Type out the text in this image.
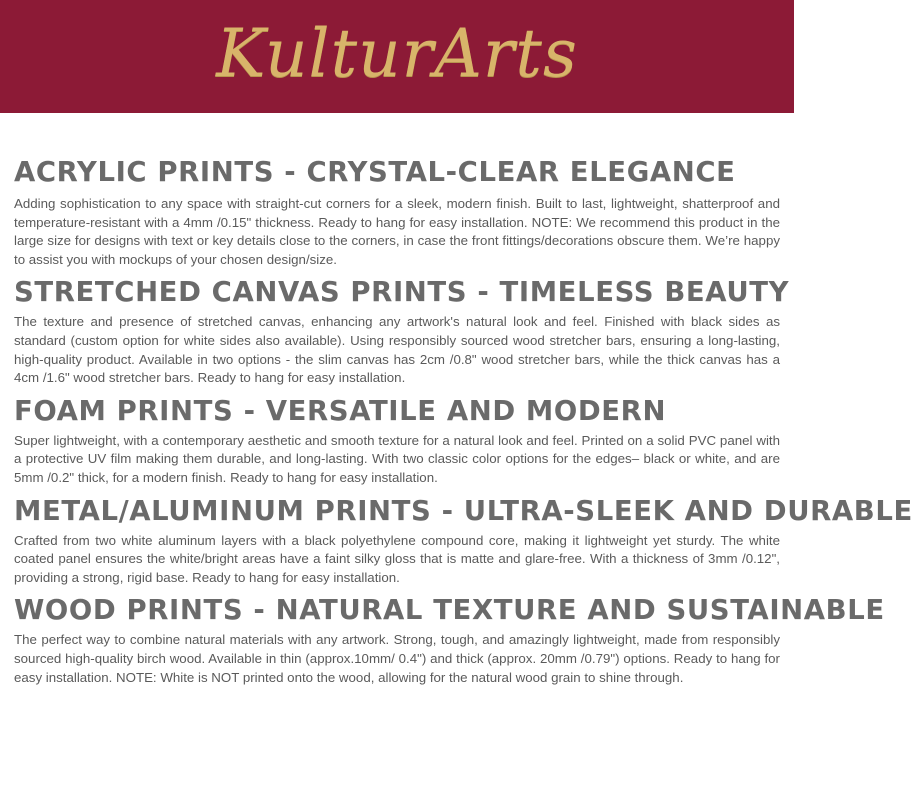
KulturArts
ACRYLIC PRINTS - CRYSTAL-CLEAR ELEGANCE

Adding sophistication to any space with straight-cut corners for a sleek, modern finish. Built to last, lightweight, shatterproof and temperature-resistant with a 4mm /0.15" thickness. Ready to hang for easy installation. NOTE: We recommend this product in the large size for designs with text or key details close to the corners, in case the front fittings/decorations obscure them. We’re happy to assist you with mockups of your chosen design/size.

STRETCHED CANVAS PRINTS - TIMELESS BEAUTY

The texture and presence of stretched canvas, enhancing any artwork's natural look and feel. Finished with black sides as standard (custom option for white sides also available). Using responsibly sourced wood stretcher bars, ensuring a long-lasting, high-quality product. Available in two options - the slim canvas has 2cm /0.8" wood stretcher bars, while the thick canvas has a 4cm /1.6" wood stretcher bars. Ready to hang for easy installation.

FOAM PRINTS - VERSATILE AND MODERN

Super lightweight, with a contemporary aesthetic and smooth texture for a natural look and feel. Printed on a solid PVC panel with a protective UV film making them durable, and long-lasting. With two classic color options for the edges– black or white, and are 5mm /0.2" thick, for a modern finish. Ready to hang for easy installation.

METAL/ALUMINUM PRINTS - ULTRA-SLEEK AND DURABLE

Crafted from two white aluminum layers with a black polyethylene compound core, making it lightweight yet sturdy. The white coated panel ensures the white/bright areas have a faint silky gloss that is matte and glare-free. With a thickness of 3mm /0.12", providing a strong, rigid base. Ready to hang for easy installation.

WOOD PRINTS - NATURAL TEXTURE AND SUSTAINABLE

The perfect way to combine natural materials with any artwork. Strong, tough, and amazingly lightweight, made from responsibly sourced high-quality birch wood. Available in thin (approx.10mm/ 0.4") and thick (approx. 20mm /0.79") options. Ready to hang for easy installation. NOTE: White is NOT printed onto the wood, allowing for the natural wood grain to shine through.
